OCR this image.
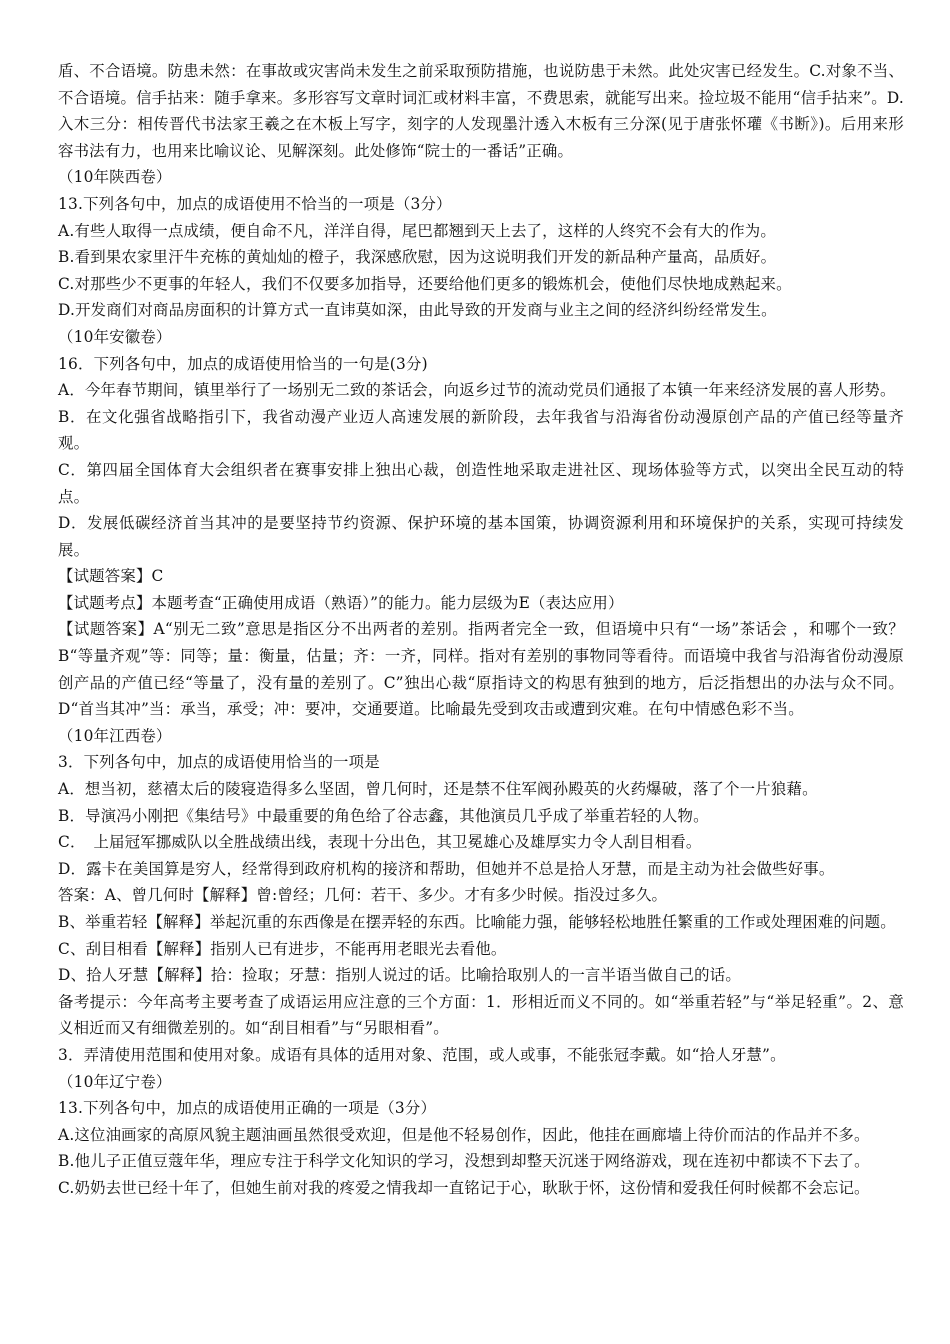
盾、不合语境。防患未然：在事故或灾害尚未发生之前采取预防措施，也说防患于未然。此处灾害已经发生。C.对象不当、不合语境。信手拈来：随手拿来。多形容写文章时词汇或材料丰富，不费思索，就能写出来。捡垃圾不能用“信手拈来”。D. 入木三分：相传晋代书法家王羲之在木板上写字，刻字的人发现墨汁透入木板有三分深(见于唐张怀瓘《书断》)。后用来形容书法有力，也用来比喻议论、见解深刻。此处修饰“院士的一番话”正确。

（10年陕西卷）

13.下列各句中，加点的成语使用不恰当的一项是（3分）

A.有些人取得一点成绩，便自命不凡，洋洋自得，尾巴都翘到天上去了，这样的人终究不会有大的作为。

B.看到果农家里汗牛充栋的黄灿灿的橙子，我深感欣慰，因为这说明我们开发的新品种产量高，品质好。

C.对那些少不更事的年轻人，我们不仅要多加指导，还要给他们更多的锻炼机会，使他们尽快地成熟起来。

D.开发商们对商品房面积的计算方式一直讳莫如深，由此导致的开发商与业主之间的经济纠纷经常发生。

（10年安徽卷）

16．下列各句中，加点的成语使用恰当的一句是(3分)

A．今年春节期间，镇里举行了一场别无二致的茶话会，向返乡过节的流动党员们通报了本镇一年来经济发展的喜人形势。

B．在文化强省战略指引下，我省动漫产业迈人高速发展的新阶段，去年我省与沿海省份动漫原创产品的产值已经等量齐观。

C．第四届全国体育大会组织者在赛事安排上独出心裁，创造性地采取走进社区、现场体验等方式，以突出全民互动的特点。

D．发展低碳经济首当其冲的是要坚持节约资源、保护环境的基本国策，协调资源利用和环境保护的关系，实现可持续发展。

【试题答案】C

【试题考点】本题考查“正确使用成语（熟语）”的能力。能力层级为E（表达应用）

【试题答案】A“别无二致”意思是指区分不出两者的差别。指两者完全一致，但语境中只有“一场”茶话会 ，和哪个一致？B“等量齐观”等：同等；量：衡量，估量；齐：一齐，同样。指对有差别的事物同等看待。而语境中我省与沿海省份动漫原创产品的产值已经“等量了，没有量的差别了。C”独出心裁“原指诗文的构思有独到的地方，后泛指想出的办法与众不同。D“首当其冲”当：承当，承受；冲：要冲，交通要道。比喻最先受到攻击或遭到灾难。在句中情感色彩不当。

（10年江西卷）

3．下列各句中，加点的成语使用恰当的一项是

A．想当初，慈禧太后的陵寝造得多么坚固，曾几何时，还是禁不住军阀孙殿英的火药爆破，落了个一片狼藉。

B．导演冯小刚把《集结号》中最重要的角色给了谷志鑫，其他演员几乎成了举重若轻的人物。

C．　上届冠军挪威队以全胜战绩出线，表现十分出色，其卫冕雄心及雄厚实力令人刮目相看。

D．露卡在美国算是穷人，经常得到政府机构的接济和帮助，但她并不总是拾人牙慧，而是主动为社会做些好事。

答案：A、曾几何时【解释】曾:曾经；几何：若干、多少。才有多少时候。指没过多久。

B、举重若轻【解释】举起沉重的东西像是在摆弄轻的东西。比喻能力强，能够轻松地胜任繁重的工作或处理困难的问题。

C、刮目相看【解释】指别人已有进步，不能再用老眼光去看他。

D、拾人牙慧【解释】拾：捡取；牙慧：指别人说过的话。比喻拾取别人的一言半语当做自己的话。

备考提示：今年高考主要考查了成语运用应注意的三个方面：1．形相近而义不同的。如“举重若轻”与“举足轻重”。2、意义相近而又有细微差别的。如“刮目相看”与“另眼相看”。

3．弄清使用范围和使用对象。成语有具体的适用对象、范围，或人或事，不能张冠李戴。如“拾人牙慧”。

（10年辽宁卷）

13.下列各句中，加点的成语使用正确的一项是（3分）

A.这位油画家的高原风貌主题油画虽然很受欢迎，但是他不轻易创作，因此，他挂在画廊墙上待价而沽的作品并不多。

B.他儿子正值豆蔻年华，理应专注于科学文化知识的学习，没想到却整天沉迷于网络游戏，现在连初中都读不下去了。

C.奶奶去世已经十年了，但她生前对我的疼爱之情我却一直铭记于心，耿耿于怀，这份情和爱我任何时候都不会忘记。
